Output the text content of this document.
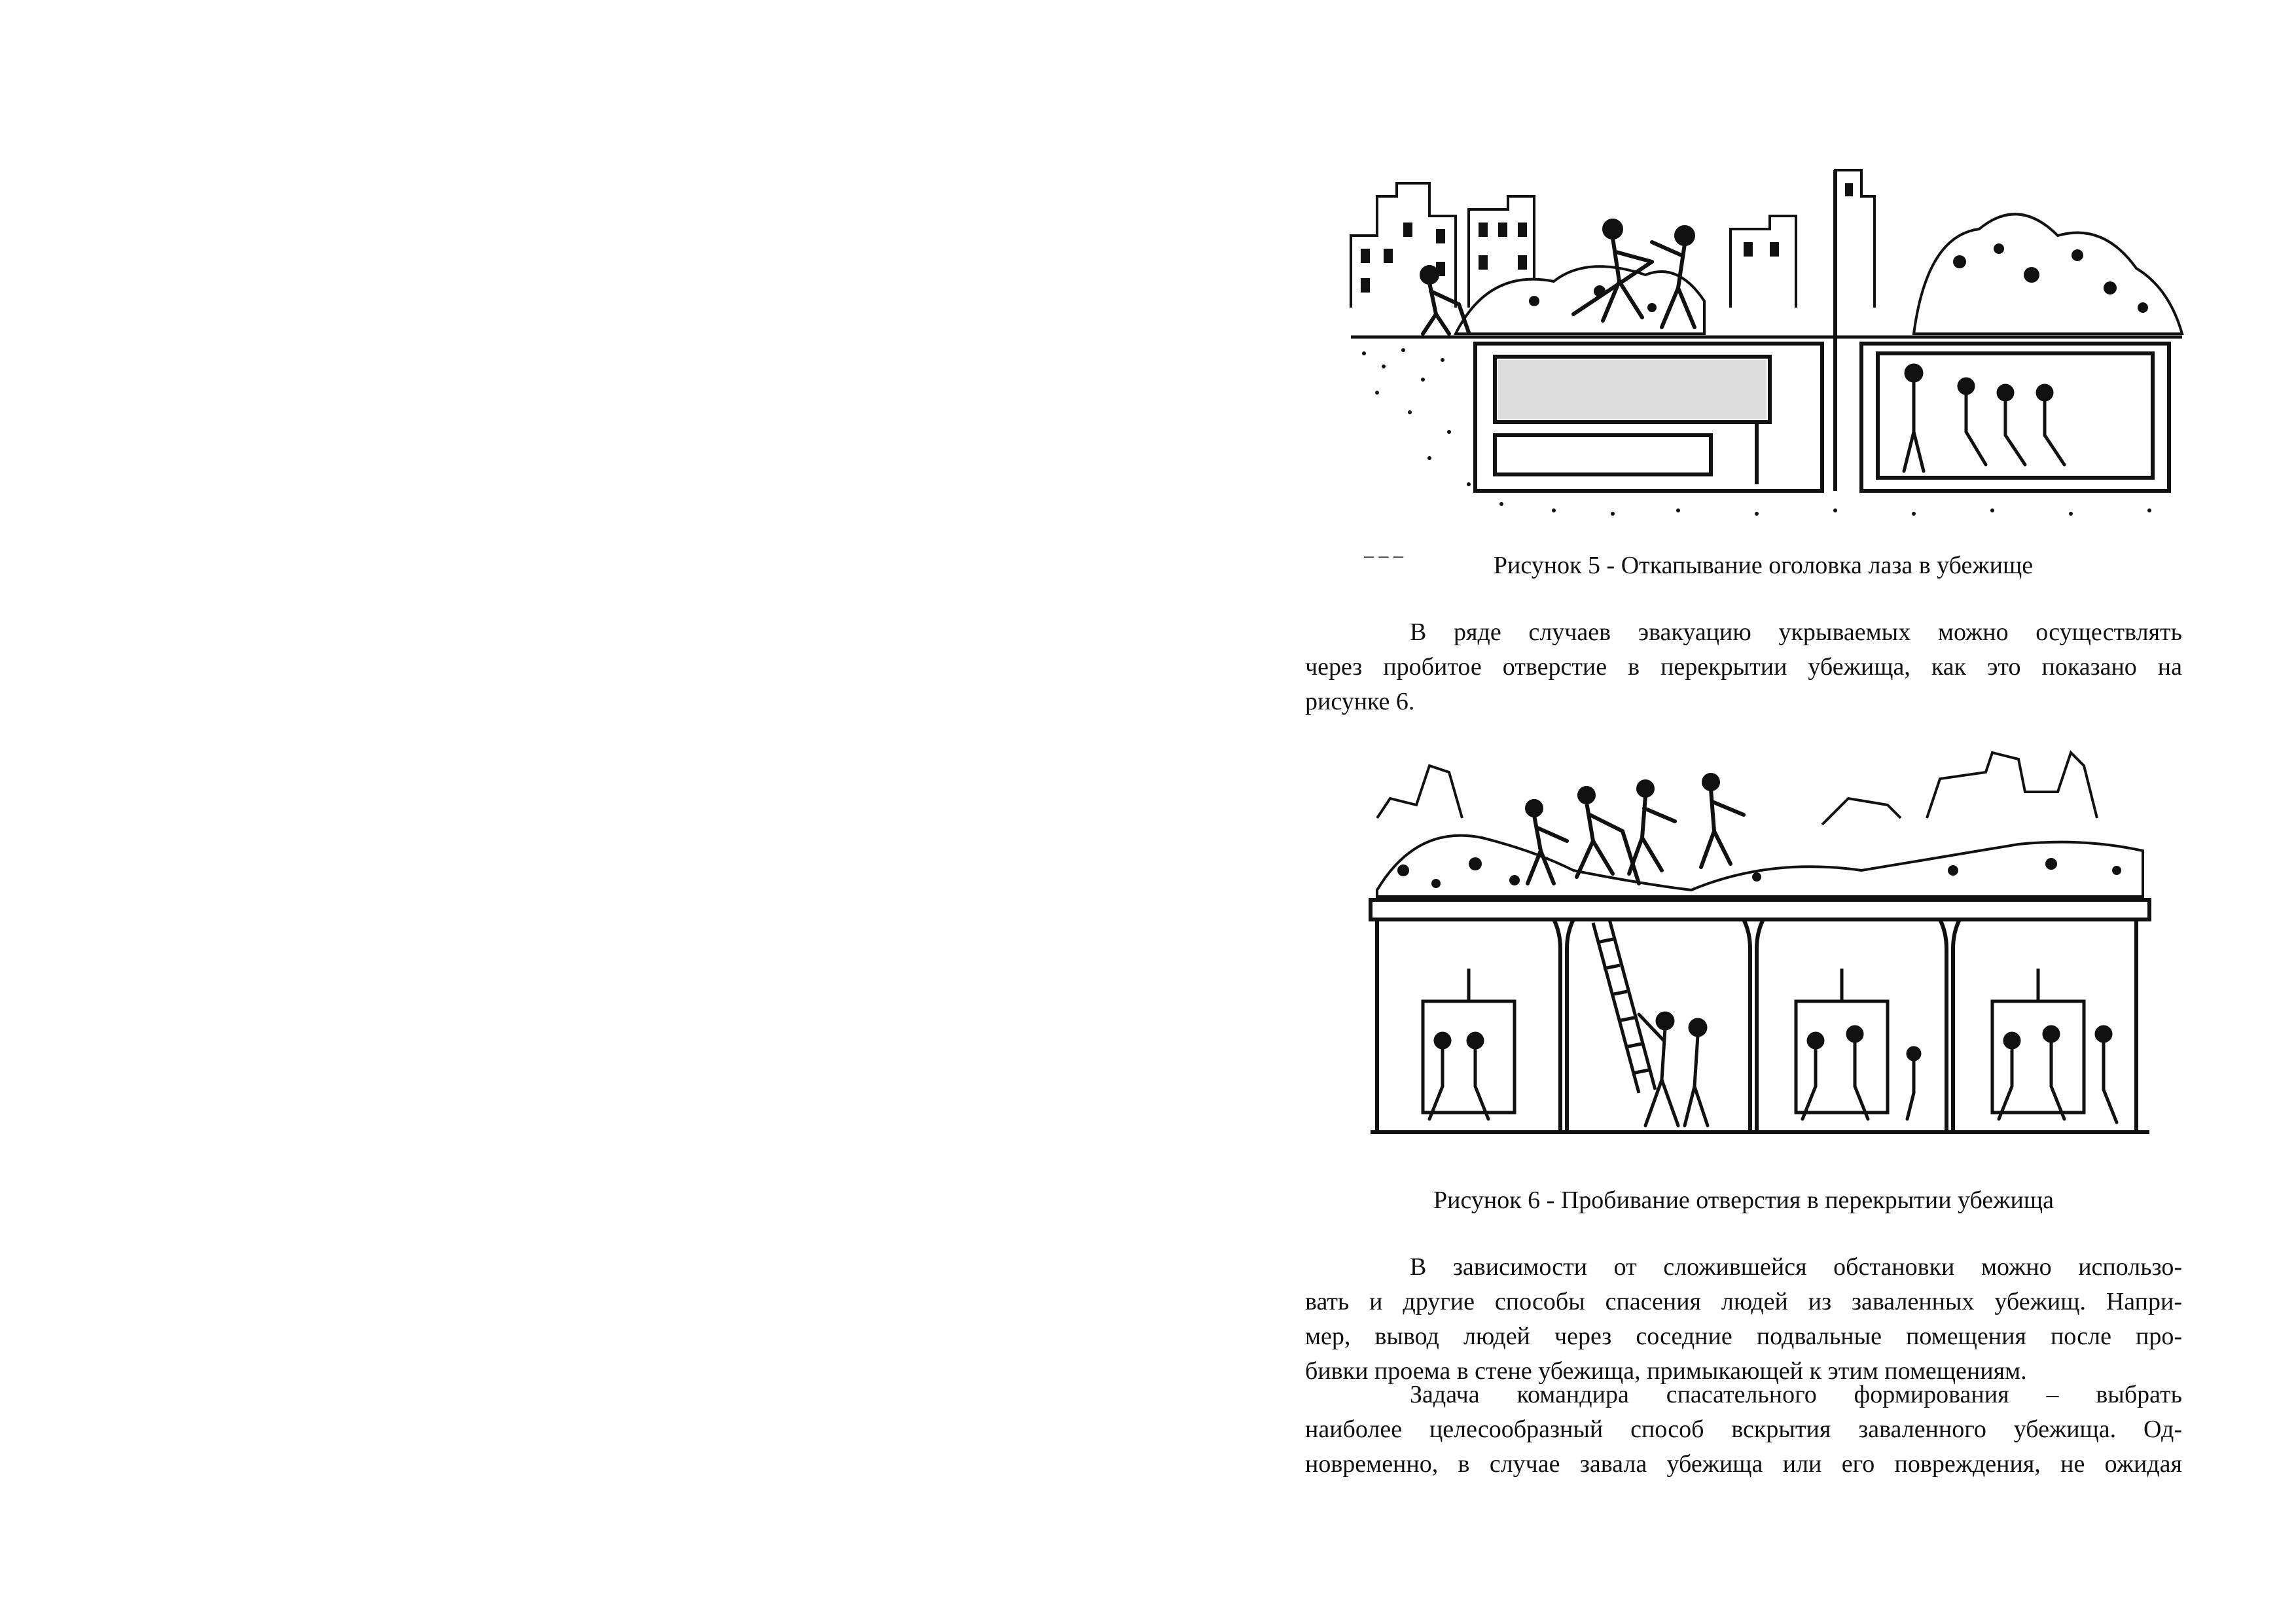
‒ ‒ ‒	Рисунок 5 - Откапывание оголовка лаза в убежище

В ряде случаев эвакуацию укрываемых можно осуществлять
через пробитое отверстие в перекрытии убежища, как это показано на
рисунке 6.

Рисунок 6 - Пробивание отверстия в перекрытии убежища

В зависимости от сложившейся обстановки можно использо-
вать и другие способы спасения людей из заваленных убежищ. Напри-
мер, вывод людей через соседние подвальные помещения после про-
бивки проема в стене убежища, примыкающей к этим помещениям.

Задача командира спасательного формирования – выбрать
наиболее целесообразный способ вскрытия заваленного убежища. Од-
новременно, в случае завала убежища или его повреждения, не ожидая
